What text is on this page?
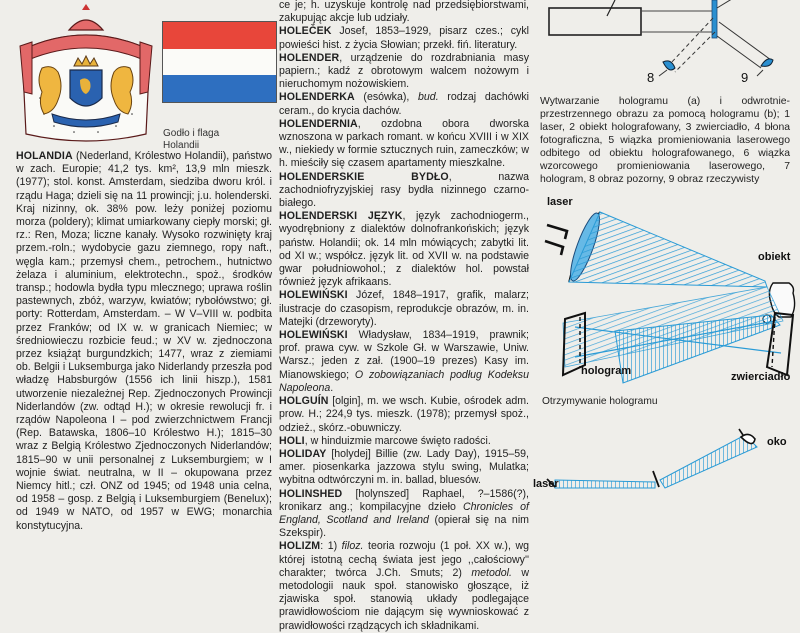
Godło i flaga
Holandii

HOLANDIA (Nederland, Królestwo Holandii), państwo w zach. Europie; 41,2 tys. km², 13,9 mln mieszk. (1977); stol. konst. Amsterdam, siedziba dworu król. i rządu Haga; dzieli się na 11 prowincji; j.u. holenderski. Kraj nizinny, ok. 38% pow. leży poniżej poziomu morza (poldery); klimat umiarkowany ciepły morski; gł. rz.: Ren, Moza; liczne kanały. Wysoko rozwinięty kraj przem.-roln.; wydobycie gazu ziemnego, ropy naft., węgla kam.; przemysł chem., petrochem., hutnictwo żelaza i aluminium, elektrotechn., spoż., środków transp.; hodowla bydła typu mlecznego; uprawa roślin pastewnych, zbóż, warzyw, kwiatów; rybołówstwo; gł. porty: Rotterdam, Amsterdam. – W V–VIII w. podbita przez Franków; od IX w. w granicach Niemiec; w średniowieczu rozbicie feud.; w XV w. zjednoczona przez książąt burgundzkich; 1477, wraz z ziemiami ob. Belgii i Luksemburga jako Niderlandy przeszła pod władzę Habsburgów (1556 ich linii hiszp.), 1581 utworzenie niezależnej Rep. Zjednoczonych Prowincji Niderlandów (zw. odtąd H.); w okresie rewolucji fr. i rządów Napoleona I – pod zwierzchnictwem Francji (Rep. Batawska, 1806–10 Królestwo H.); 1815–30 wraz z Belgią Królestwo Zjednoczonych Niderlandów; 1815–90 w unii personalnej z Luksemburgiem; w I wojnie świat. neutralna, w II – okupowana przez Niemcy hitl.; czł. ONZ od 1945; od 1948 unia celna, od 1958 – gosp. z Belgią i Luksemburgiem (Benelux); od 1949 w NATO, od 1957 w EWG; monarchia konstytucyjna.

ce je; h. uzyskuje kontrolę nad przedsiębiorstwami, zakupując akcje lub udziały.

HOLEČEK Josef, 1853–1929, pisarz czes.; cykl powieści hist. z życia Słowian; przekł. fiń. literatury.

HOLENDER, urządzenie do rozdrabniania masy papiern.; kadź z obrotowym walcem nożowym i nieruchomym nożowiskiem.

HOLENDERKA (esówka), bud. rodzaj dachówki ceram., do krycia dachów.

HOLENDERNIA, ozdobna obora dworska wznoszona w parkach romant. w końcu XVIII i w XIX w., niekiedy w formie sztucznych ruin, zameczków; w h. mieściły się czasem apartamenty mieszkalne.

HOLENDERSKIE BYDŁO, nazwa zachodniofryzyjskiej rasy bydła nizinnego czarno-białego.

HOLENDERSKI JĘZYK, język zachodniogerm., wyodrębniony z dialektów dolnofrankońskich; język państw. Holandii; ok. 14 mln mówiących; zabytki lit. od XI w.; współcz. język lit. od XVII w. na podstawie gwar południowohol.; z dialektów hol. powstał również język afrikaans.

HOLEWIŃSKI Józef, 1848–1917, grafik, malarz; ilustracje do czasopism, reprodukcje obrazów, m. in. Matejki (drzeworyty).

HOLEWIŃSKI Władysław, 1834–1919, prawnik; prof. prawa cyw. w Szkole Gł. w Warszawie, Uniw. Warsz.; jeden z zał. (1900–19 prezes) Kasy im. Mianowskiego; O zobowiązaniach podług Kodeksu Napoleona.

HOLGUÍN [olgin], m. we wsch. Kubie, ośrodek adm. prow. H.; 224,9 tys. mieszk. (1978); przemysł spoż., odzież., skórz.-obuwniczy.

HOLI, w hinduizmie marcowe święto radości.

HOLIDAY [holydej] Billie (zw. Lady Day), 1915–59, amer. piosenkarka jazzowa stylu swing, Mulatka; wybitna odtwórczyni m. in. ballad, bluesów.

HOLINSHED [holynszed] Raphael, ?–1586(?), kronikarz ang.; kompilacyjne dzieło Chronicles of England, Scotland and Ireland (opierał się na nim Szekspir).

HOLIZM: 1) filoz. teoria rozwoju (1 poł. XX w.), wg której istotną cechą świata jest jego ,,całościowy'' charakter; twórca J.Ch. Smuts; 2) metodol. w metodologii nauk społ. stanowisko głoszące, iż zjawiska społ. stanowią układy podlegające prawidłowościom nie dającym się wywnioskować z prawidłowości rządzących ich składnikami.

8	9
Wytwarzanie hologramu (a) i odwrotnie-przestrzennego obrazu za pomocą hologramu (b); 1 laser, 2 obiekt holografowany, 3 zwierciadło, 4 błona fotograficzna, 5 wiązka promieniowania laserowego odbitego od obiektu holografowanego, 6 wiązka wzorcowego promieniowania laserowego, 7 hologram, 8 obraz pozorny, 9 obraz rzeczywisty
laser
obiekt
hologram	zwierciadło
Otrzymywanie hologramu
oko
laser
